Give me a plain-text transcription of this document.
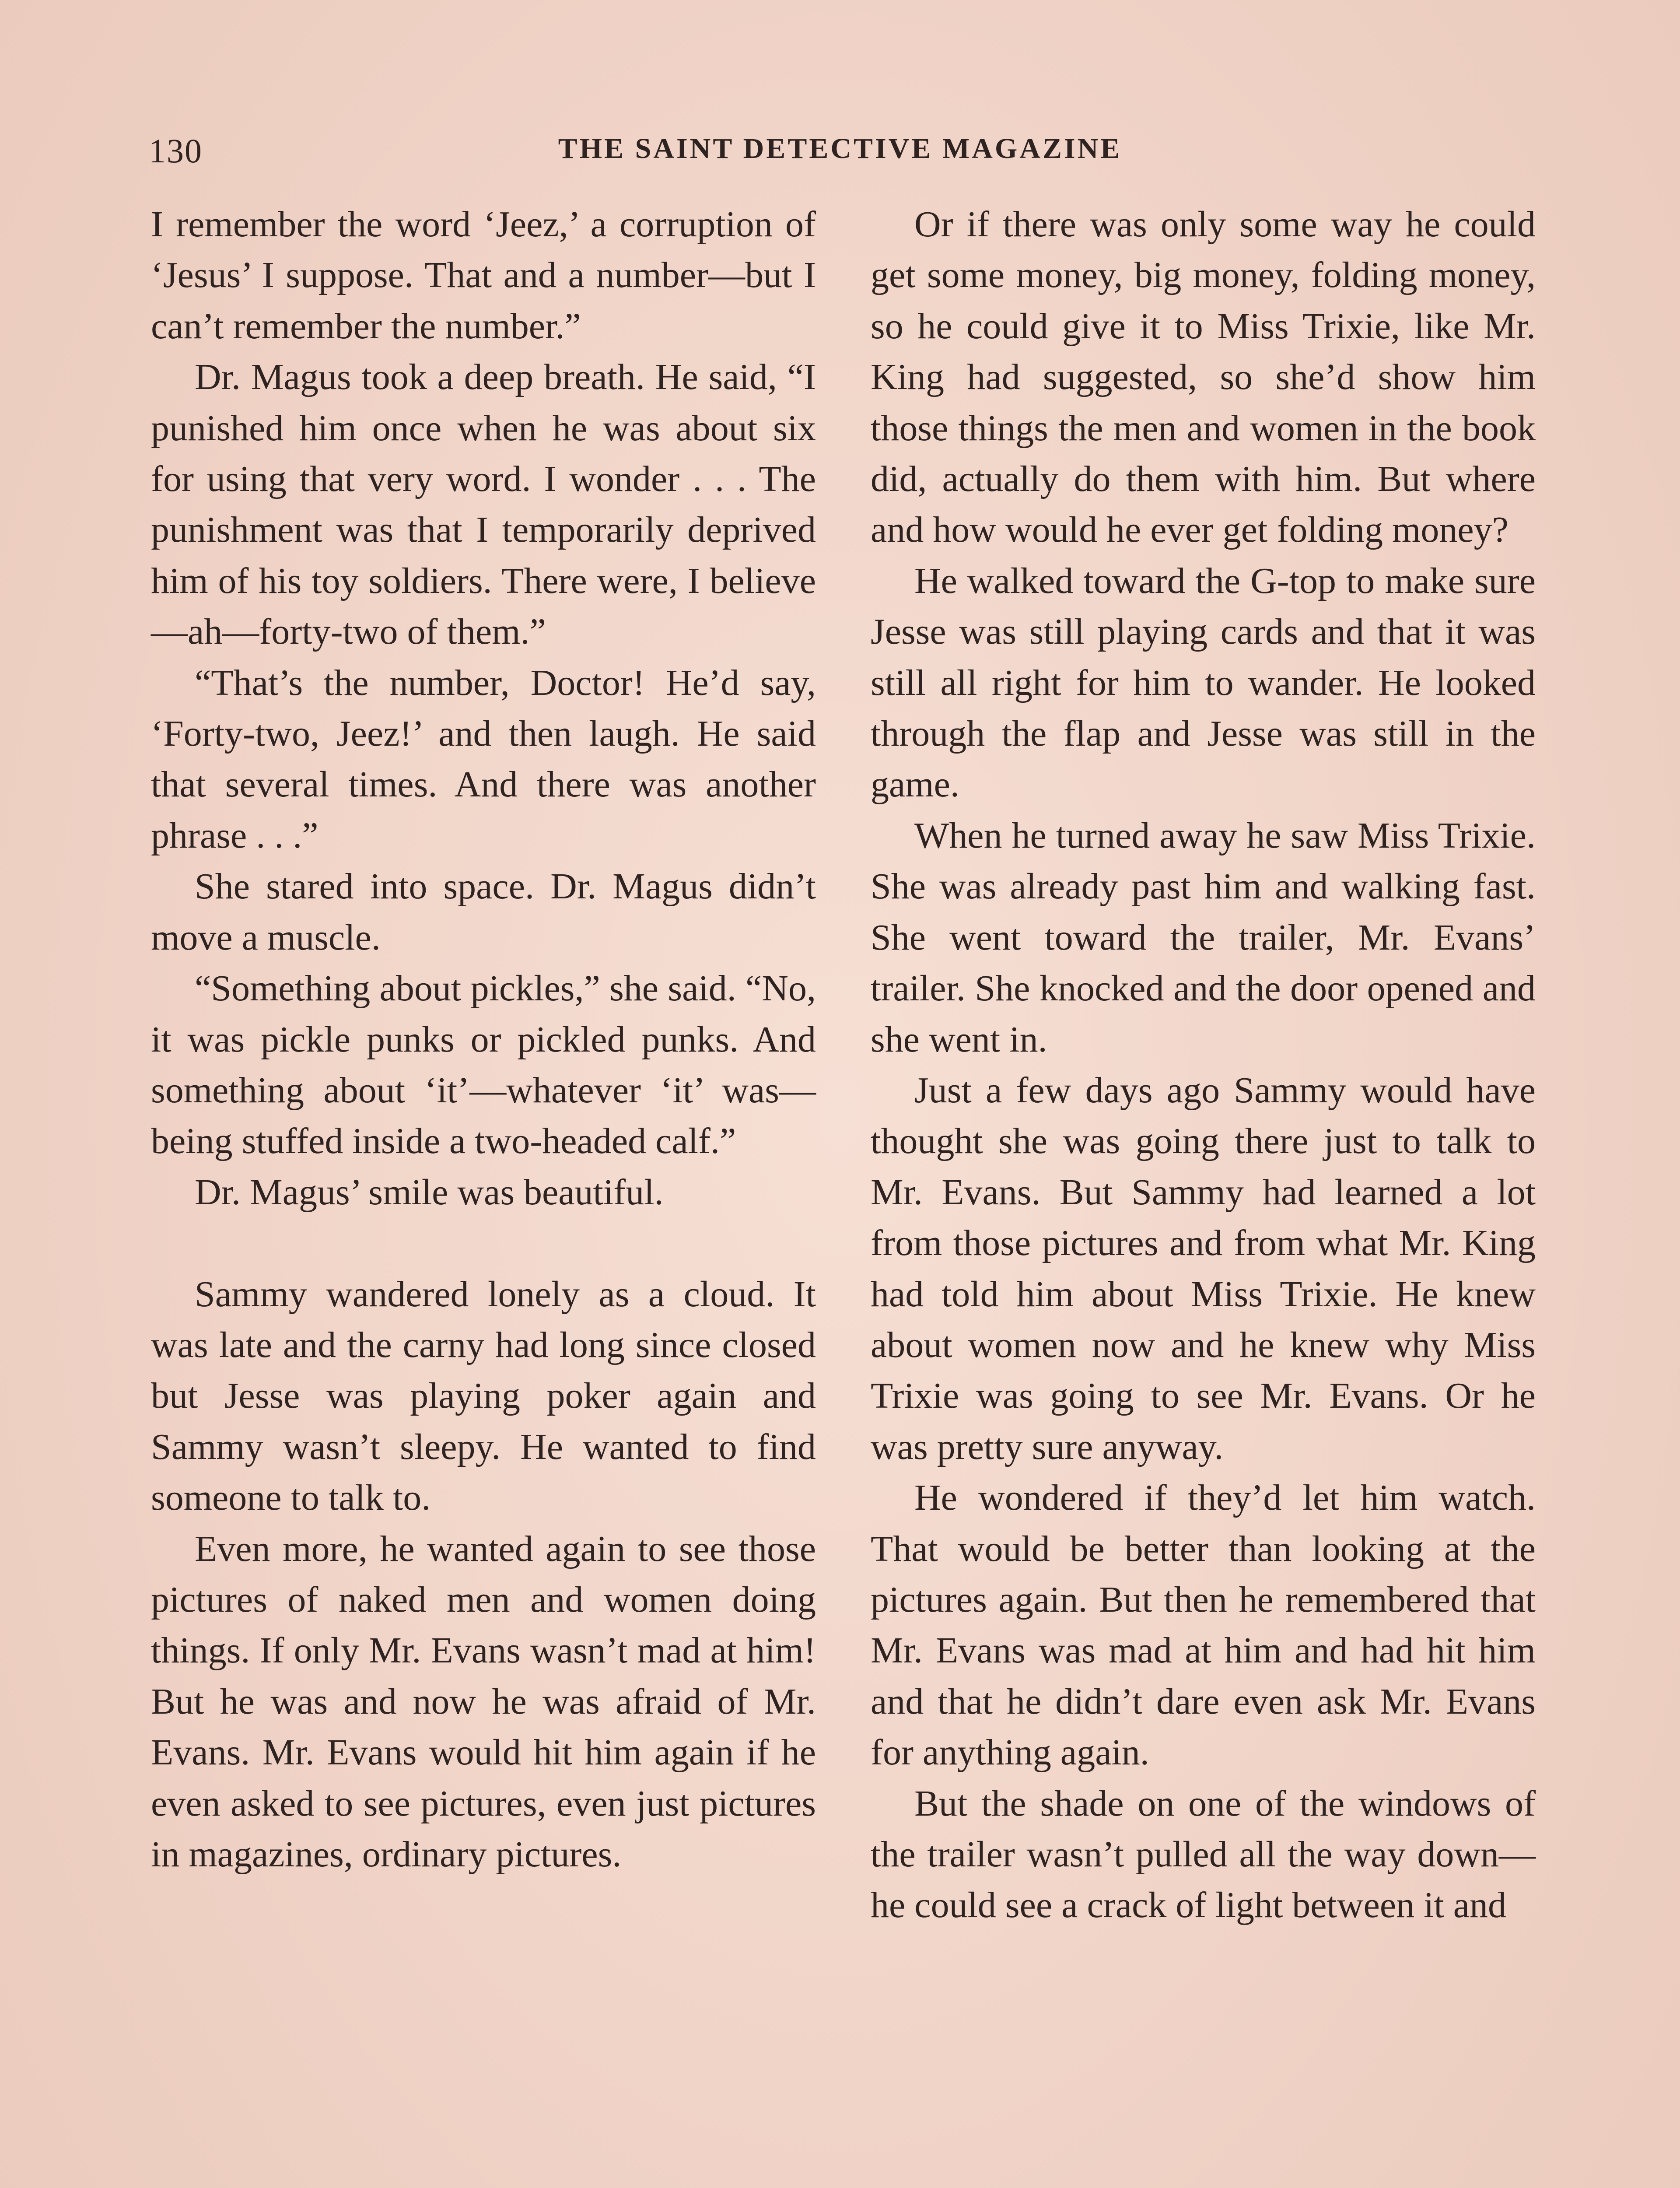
130	THE SAINT DETECTIVE MAGAZINE

I remember the word ‘Jeez,’ a corruption of ‘Jesus’ I suppose. That and a number—but I can’t remember the number.”

Dr. Magus took a deep breath. He said, “I punished him once when he was about six for using that very word. I wonder . . . The punishment was that I temporarily deprived him of his toy soldiers. There were, I believe—ah—forty-two of them.”

“That’s the number, Doctor! He’d say, ‘Forty-two, Jeez!’ and then laugh. He said that several times. And there was another phrase . . .”

She stared into space. Dr. Magus didn’t move a muscle.

“Something about pickles,” she said. “No, it was pickle punks or pickled punks. And something about ‘it’—whatever ‘it’ was—being stuffed inside a two-headed calf.”

Dr. Magus’ smile was beautiful.

Sammy wandered lonely as a cloud. It was late and the carny had long since closed but Jesse was playing poker again and Sammy wasn’t sleepy. He wanted to find someone to talk to.

Even more, he wanted again to see those pictures of naked men and women doing things. If only Mr. Evans wasn’t mad at him! But he was and now he was afraid of Mr. Evans. Mr. Evans would hit him again if he even asked to see pictures, even just pictures in magazines, ordinary pictures.

Or if there was only some way he could get some money, big money, folding money, so he could give it to Miss Trixie, like Mr. King had suggested, so she’d show him those things the men and women in the book did, actually do them with him. But where and how would he ever get folding money?

He walked toward the G-top to make sure Jesse was still playing cards and that it was still all right for him to wander. He looked through the flap and Jesse was still in the game.

When he turned away he saw Miss Trixie. She was already past him and walking fast. She went toward the trailer, Mr. Evans’ trailer. She knocked and the door opened and she went in.

Just a few days ago Sammy would have thought she was going there just to talk to Mr. Evans. But Sammy had learned a lot from those pictures and from what Mr. King had told him about Miss Trixie. He knew about women now and he knew why Miss Trixie was going to see Mr. Evans. Or he was pretty sure anyway.

He wondered if they’d let him watch. That would be better than looking at the pictures again. But then he remembered that Mr. Evans was mad at him and had hit him and that he didn’t dare even ask Mr. Evans for anything again.

But the shade on one of the windows of the trailer wasn’t pulled all the way down—he could see a crack of light between it and
